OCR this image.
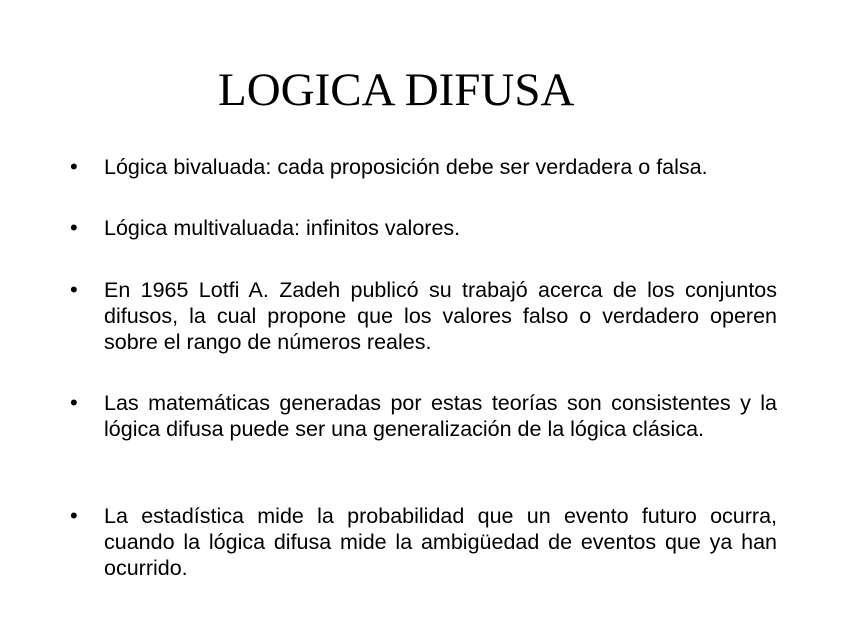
LOGICA DIFUSA
•	Lógica bivaluada: cada proposición debe ser verdadera o falsa.
•	Lógica multivaluada: infinitos valores.
•	En 1965 Lotfi A. Zadeh publicó su trabajó acerca de los conjuntos difusos, la cual propone que los valores falso o verdadero operen sobre el rango de números reales.
•	Las matemáticas generadas por estas teorías son consistentes y la lógica difusa puede ser una generalización de la lógica clásica.
•	La estadística mide la probabilidad que un evento futuro ocurra, cuando la lógica difusa mide la ambigüedad de eventos que ya han ocurrido.
